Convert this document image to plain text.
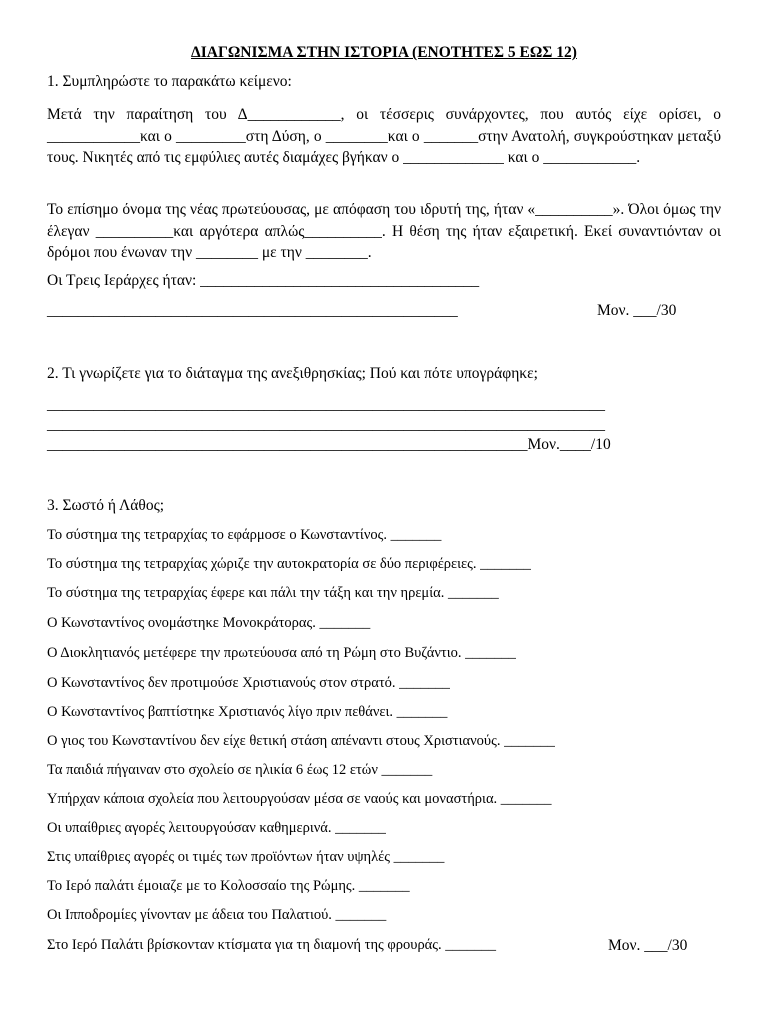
ΔΙΑΓΩΝΙΣΜΑ ΣΤΗΝ ΙΣΤΟΡΙΑ (ΕΝΟΤΗΤΕΣ 5 ΕΩΣ 12)
1. Συμπληρώστε το παρακάτω κείμενο:
Μετά την παραίτηση του Δ____________, οι τέσσερις συνάρχοντες, που αυτός είχε ορίσει, ο ____________και ο _________στη Δύση, ο ________και ο _______στην Ανατολή, συγκρούστηκαν μεταξύ τους. Νικητές από τις εμφύλιες αυτές διαμάχες βγήκαν ο _____________ και ο ____________.
Το επίσημο όνομα της νέας πρωτεύουσας, με απόφαση του ιδρυτή της, ήταν «__________». Όλοι όμως την έλεγαν __________και αργότερα απλώς__________. Η θέση της ήταν εξαιρετική. Εκεί συναντιόνταν οι δρόμοι που ένωναν την ________ με την ________.
Οι Τρεις Ιεράρχες ήταν: ____________________________________
_____________________________________________________	Μον. ___/30
2. Τι γνωρίζετε για το διάταγμα της ανεξιθρησκίας; Πού και πότε υπογράφηκε;
________________________________________________________________________
________________________________________________________________________
______________________________________________________________Μον.____/10
3. Σωστό ή Λάθος;
Το σύστημα της τετραρχίας το εφάρμοσε ο Κωνσταντίνος. _______
Το σύστημα της τετραρχίας χώριζε την αυτοκρατορία σε δύο περιφέρειες. _______
Το σύστημα της τετραρχίας έφερε και πάλι την τάξη και την ηρεμία. _______
Ο Κωνσταντίνος ονομάστηκε Μονοκράτορας. _______
Ο Διοκλητιανός μετέφερε την πρωτεύουσα από τη Ρώμη στο Βυζάντιο. _______
Ο Κωνσταντίνος δεν προτιμούσε Χριστιανούς στον στρατό. _______
Ο Κωνσταντίνος βαπτίστηκε Χριστιανός λίγο πριν πεθάνει. _______
Ο γιος του Κωνσταντίνου δεν είχε θετική στάση απέναντι στους Χριστιανούς. _______
Τα παιδιά πήγαιναν στο σχολείο σε ηλικία 6 έως 12 ετών _______
Υπήρχαν κάποια σχολεία που λειτουργούσαν μέσα σε ναούς και μοναστήρια. _______
Οι υπαίθριες αγορές λειτουργούσαν καθημερινά. _______
Στις υπαίθριες αγορές οι τιμές των προϊόντων ήταν υψηλές _______
Το Ιερό παλάτι έμοιαζε με το Κολοσσαίο της Ρώμης. _______
Οι Ιπποδρομίες γίνονταν με άδεια του Παλατιού. _______
Στο Ιερό Παλάτι βρίσκονταν κτίσματα για τη διαμονή της φρουράς. _______	Μον. ___/30
